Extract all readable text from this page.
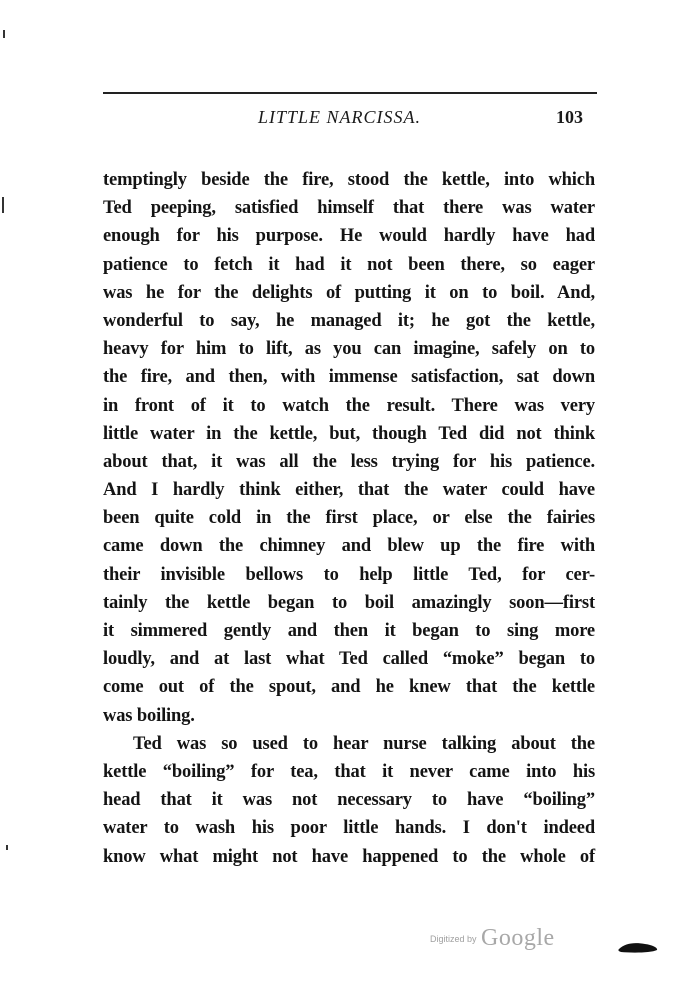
LITTLE NARCISSA.	103
temptingly beside the fire, stood the kettle, into which
Ted peeping, satisfied himself that there was water
enough for his purpose. He would hardly have had
patience to fetch it had it not been there, so eager
was he for the delights of putting it on to boil. And,
wonderful to say, he managed it; he got the kettle,
heavy for him to lift, as you can imagine, safely on to
the fire, and then, with immense satisfaction, sat down
in front of it to watch the result. There was very
little water in the kettle, but, though Ted did not think
about that, it was all the less trying for his patience.
And I hardly think either, that the water could have
been quite cold in the first place, or else the fairies
came down the chimney and blew up the fire with
their invisible bellows to help little Ted, for cer-
tainly the kettle began to boil amazingly soon—first
it simmered gently and then it began to sing more
loudly, and at last what Ted called “moke” began to
come out of the spout, and he knew that the kettle
was boiling.
Ted was so used to hear nurse talking about the
kettle “boiling” for tea, that it never came into his
head that it was not necessary to have “boiling”
water to wash his poor little hands. I don't indeed
know what might not have happened to the whole of
Digitized by Google
